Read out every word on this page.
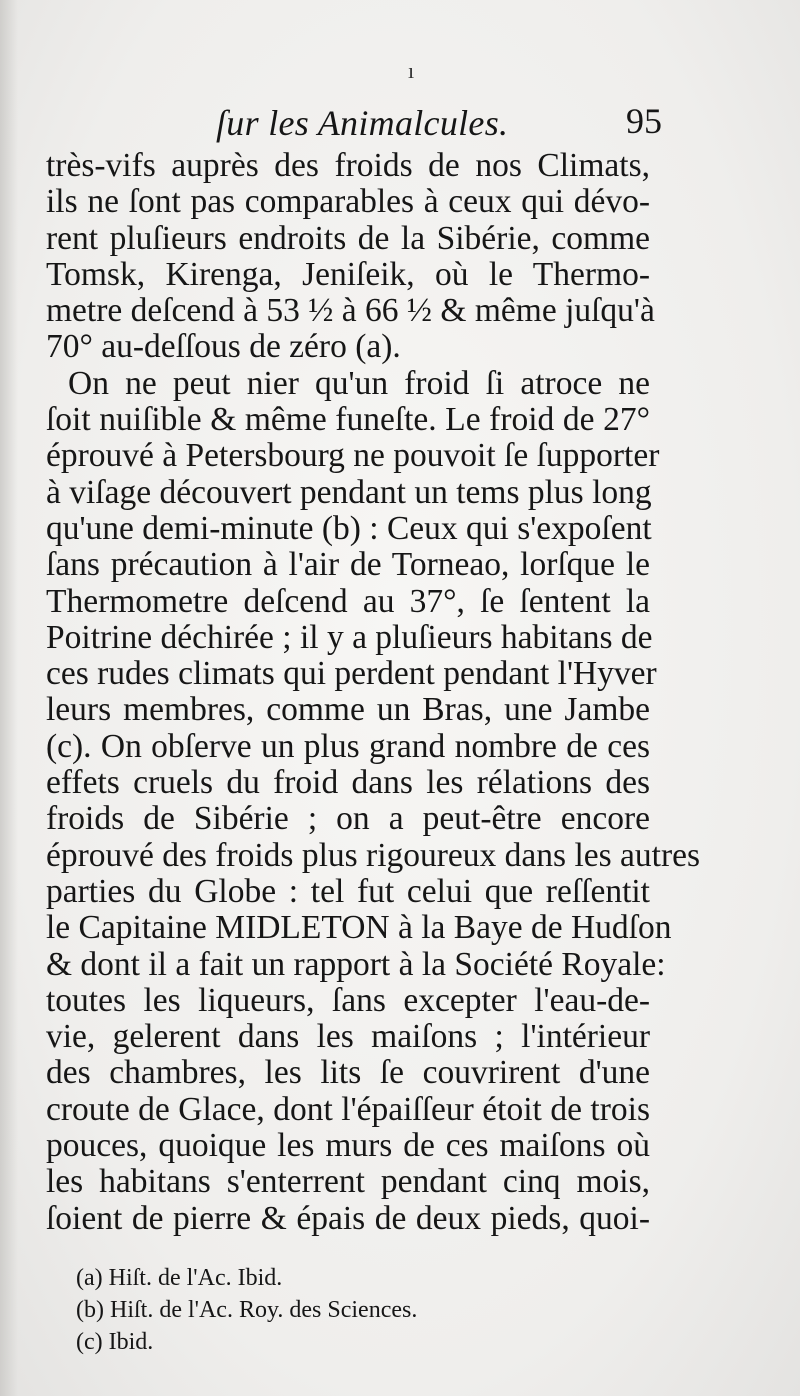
ı
ſur les Animalcules.	95
très-vifs auprès des froids de nos Climats,
ils ne ſont pas comparables à ceux qui dévo-
rent pluſieurs endroits de la Sibérie, comme
Tomsk, Kirenga, Jeniſeik, où le Thermo-
metre deſcend à 53 ½ à 66 ½ & même juſqu'à
70° au-deſſous de zéro (a).
On ne peut nier qu'un froid ſi atroce ne
ſoit nuiſible & même funeſte. Le froid de 27°
éprouvé à Petersbourg ne pouvoit ſe ſupporter
à viſage découvert pendant un tems plus long
qu'une demi-minute (b) : Ceux qui s'expoſent
ſans précaution à l'air de Torneao, lorſque le
Thermometre deſcend au 37°, ſe ſentent la
Poitrine déchirée ; il y a pluſieurs habitans de
ces rudes climats qui perdent pendant l'Hyver
leurs membres, comme un Bras, une Jambe
(c). On obſerve un plus grand nombre de ces
effets cruels du froid dans les rélations des
froids de Sibérie ; on a peut-être encore
éprouvé des froids plus rigoureux dans les autres
parties du Globe : tel fut celui que reſſentit
le Capitaine MIDLETON à la Baye de Hudſon
& dont il a fait un rapport à la Société Royale:
toutes les liqueurs, ſans excepter l'eau-de-
vie, gelerent dans les maiſons ; l'intérieur
des chambres, les lits ſe couvrirent d'une
croute de Glace, dont l'épaiſſeur étoit de trois
pouces, quoique les murs de ces maiſons où
les habitans s'enterrent pendant cinq mois,
ſoient de pierre & épais de deux pieds, quoi-
(a) Hiſt. de l'Ac. Ibid.
(b) Hiſt. de l'Ac. Roy. des Sciences.
(c) Ibid.
